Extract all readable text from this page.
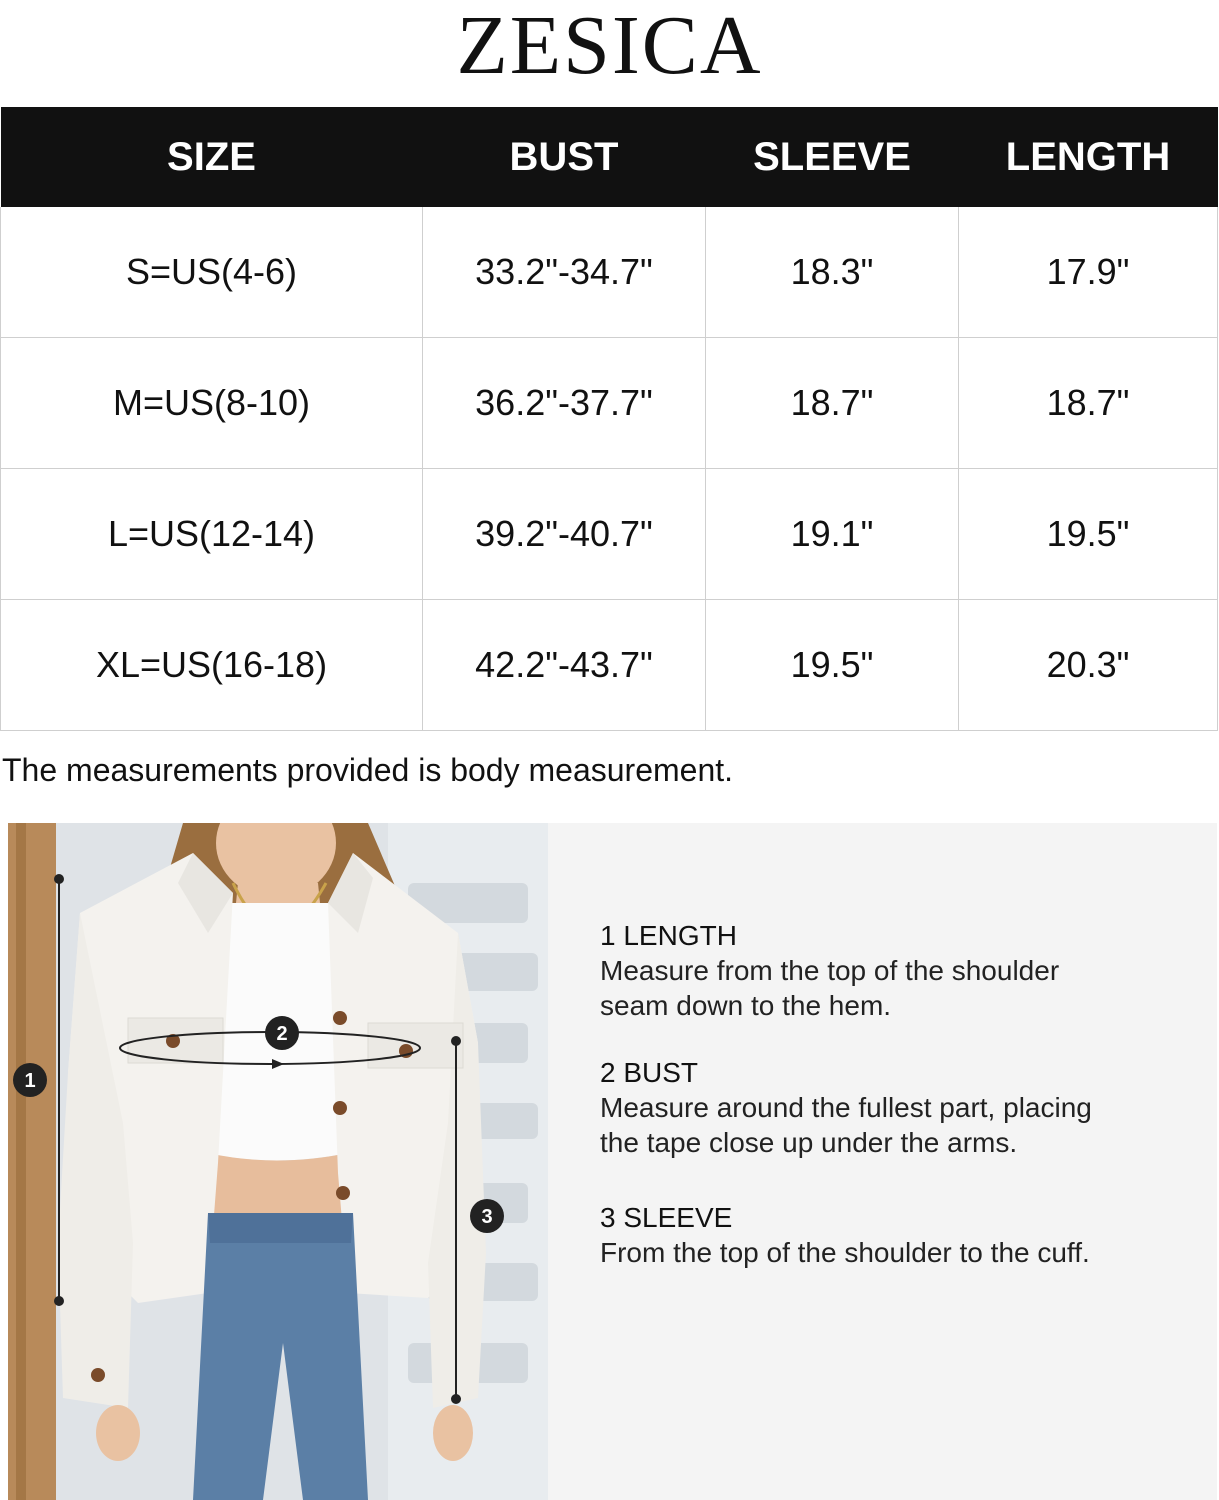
ZESICA
SIZE	BUST	SLEEVE	LENGTH
S=US(4-6)	33.2"-34.7"	18.3"	17.9"
M=US(8-10)	36.2"-37.7"	18.7"	18.7"
L=US(12-14)	39.2"-40.7"	19.1"	19.5"
XL=US(16-18)	42.2"-43.7"	19.5"	20.3"
The measurements provided is body measurement.
1
2
3
1 LENGTH
Measure from the top of the shoulder
seam down to the hem.
2 BUST
Measure around the fullest part, placing
the tape close up under the arms.
3 SLEEVE
From the top of the shoulder to the cuff.
